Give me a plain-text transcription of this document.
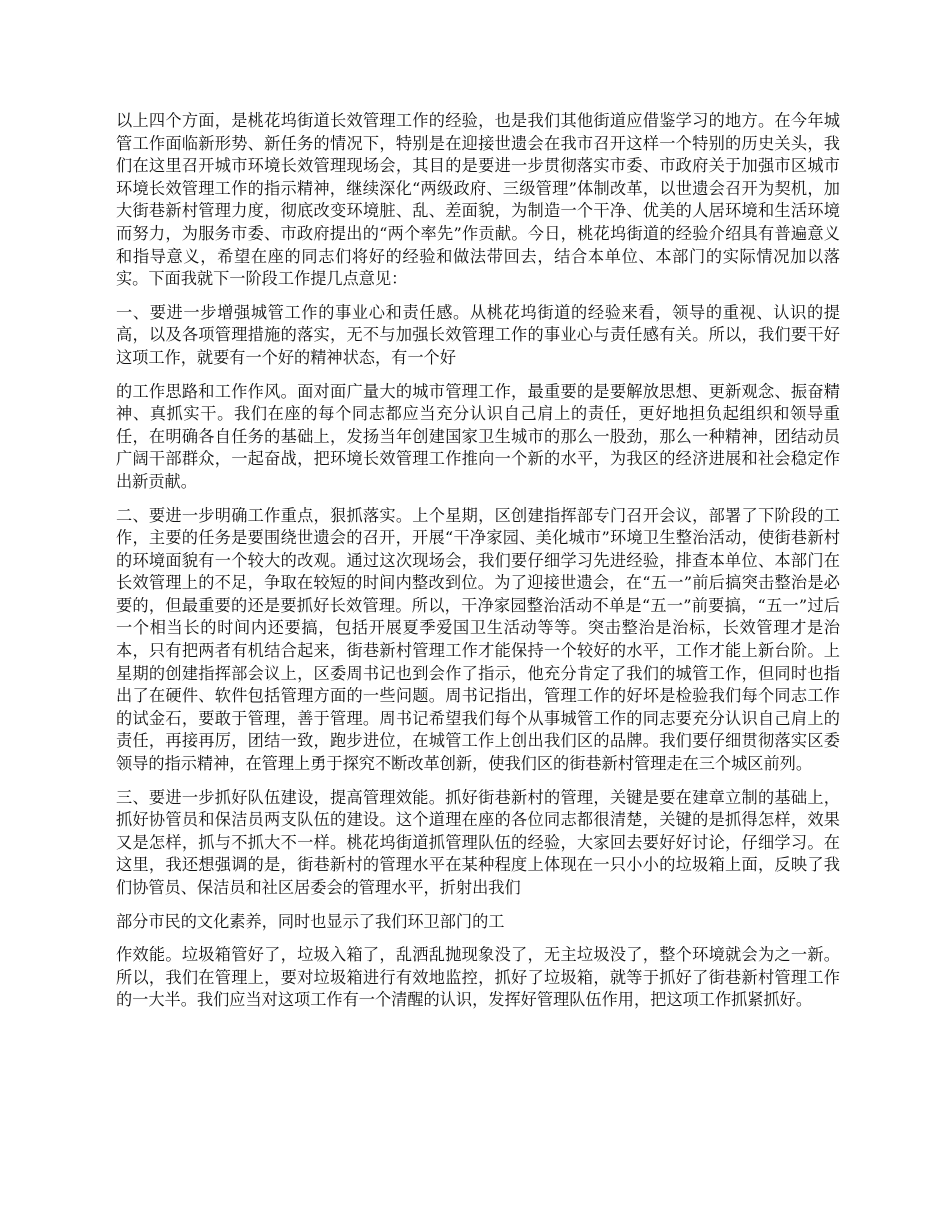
以上四个方面，是桃花坞街道长效管理工作的经验，也是我们其他街道应借鉴学习的地方。在今年城管工作面临新形势、新任务的情况下，特别是在迎接世遗会在我市召开这样一个特别的历史关头，我们在这里召开城市环境长效管理现场会，其目的是要进一步贯彻落实市委、市政府关于加强市区城市环境长效管理工作的指示精神，继续深化“两级政府、三级管理”体制改革，以世遗会召开为契机，加大街巷新村管理力度，彻底改变环境脏、乱、差面貌，为制造一个干净、优美的人居环境和生活环境而努力，为服务市委、市政府提出的“两个率先”作贡献。今日，桃花坞街道的经验介绍具有普遍意义和指导意义，希望在座的同志们将好的经验和做法带回去，结合本单位、本部门的实际情况加以落实。下面我就下一阶段工作提几点意见：

一、要进一步增强城管工作的事业心和责任感。从桃花坞街道的经验来看，领导的重视、认识的提高，以及各项管理措施的落实，无不与加强长效管理工作的事业心与责任感有关。所以，我们要干好这项工作，就要有一个好的精神状态，有一个好

的工作思路和工作作风。面对面广量大的城市管理工作，最重要的是要解放思想、更新观念、振奋精神、真抓实干。我们在座的每个同志都应当充分认识自己肩上的责任，更好地担负起组织和领导重任，在明确各自任务的基础上，发扬当年创建国家卫生城市的那么一股劲，那么一种精神，团结动员广阔干部群众，一起奋战，把环境长效管理工作推向一个新的水平，为我区的经济进展和社会稳定作出新贡献。

二、要进一步明确工作重点，狠抓落实。上个星期，区创建指挥部专门召开会议，部署了下阶段的工作，主要的任务是要围绕世遗会的召开，开展“干净家园、美化城市”环境卫生整治活动，使街巷新村的环境面貌有一个较大的改观。通过这次现场会，我们要仔细学习先进经验，排查本单位、本部门在长效管理上的不足，争取在较短的时间内整改到位。为了迎接世遗会，在“五一”前后搞突击整治是必要的，但最重要的还是要抓好长效管理。所以，干净家园整治活动不单是“五一”前要搞，“五一”过后一个相当长的时间内还要搞，包括开展夏季爱国卫生活动等等。突击整治是治标，长效管理才是治本，只有把两者有机结合起来，街巷新村管理工作才能保持一个较好的水平，工作才能上新台阶。上星期的创建指挥部会议上，区委周书记也到会作了指示，他充分肯定了我们的城管工作，但同时也指出了在硬件、软件包括管理方面的一些问题。周书记指出，管理工作的好坏是检验我们每个同志工作的试金石，要敢于管理，善于管理。周书记希望我们每个从事城管工作的同志要充分认识自己肩上的责任，再接再厉，团结一致，跑步进位，在城管工作上创出我们区的品牌。我们要仔细贯彻落实区委领导的指示精神，在管理上勇于探究不断改革创新，使我们区的街巷新村管理走在三个城区前列。

三、要进一步抓好队伍建设，提高管理效能。抓好街巷新村的管理，关键是要在建章立制的基础上，抓好协管员和保洁员两支队伍的建设。这个道理在座的各位同志都很清楚，关键的是抓得怎样，效果又是怎样，抓与不抓大不一样。桃花坞街道抓管理队伍的经验，大家回去要好好讨论，仔细学习。在这里，我还想强调的是，街巷新村的管理水平在某种程度上体现在一只小小的垃圾箱上面，反映了我们协管员、保洁员和社区居委会的管理水平，折射出我们

部分市民的文化素养，同时也显示了我们环卫部门的工

作效能。垃圾箱管好了，垃圾入箱了，乱洒乱抛现象没了，无主垃圾没了，整个环境就会为之一新。所以，我们在管理上，要对垃圾箱进行有效地监控，抓好了垃圾箱，就等于抓好了街巷新村管理工作的一大半。我们应当对这项工作有一个清醒的认识，发挥好管理队伍作用，把这项工作抓紧抓好。
